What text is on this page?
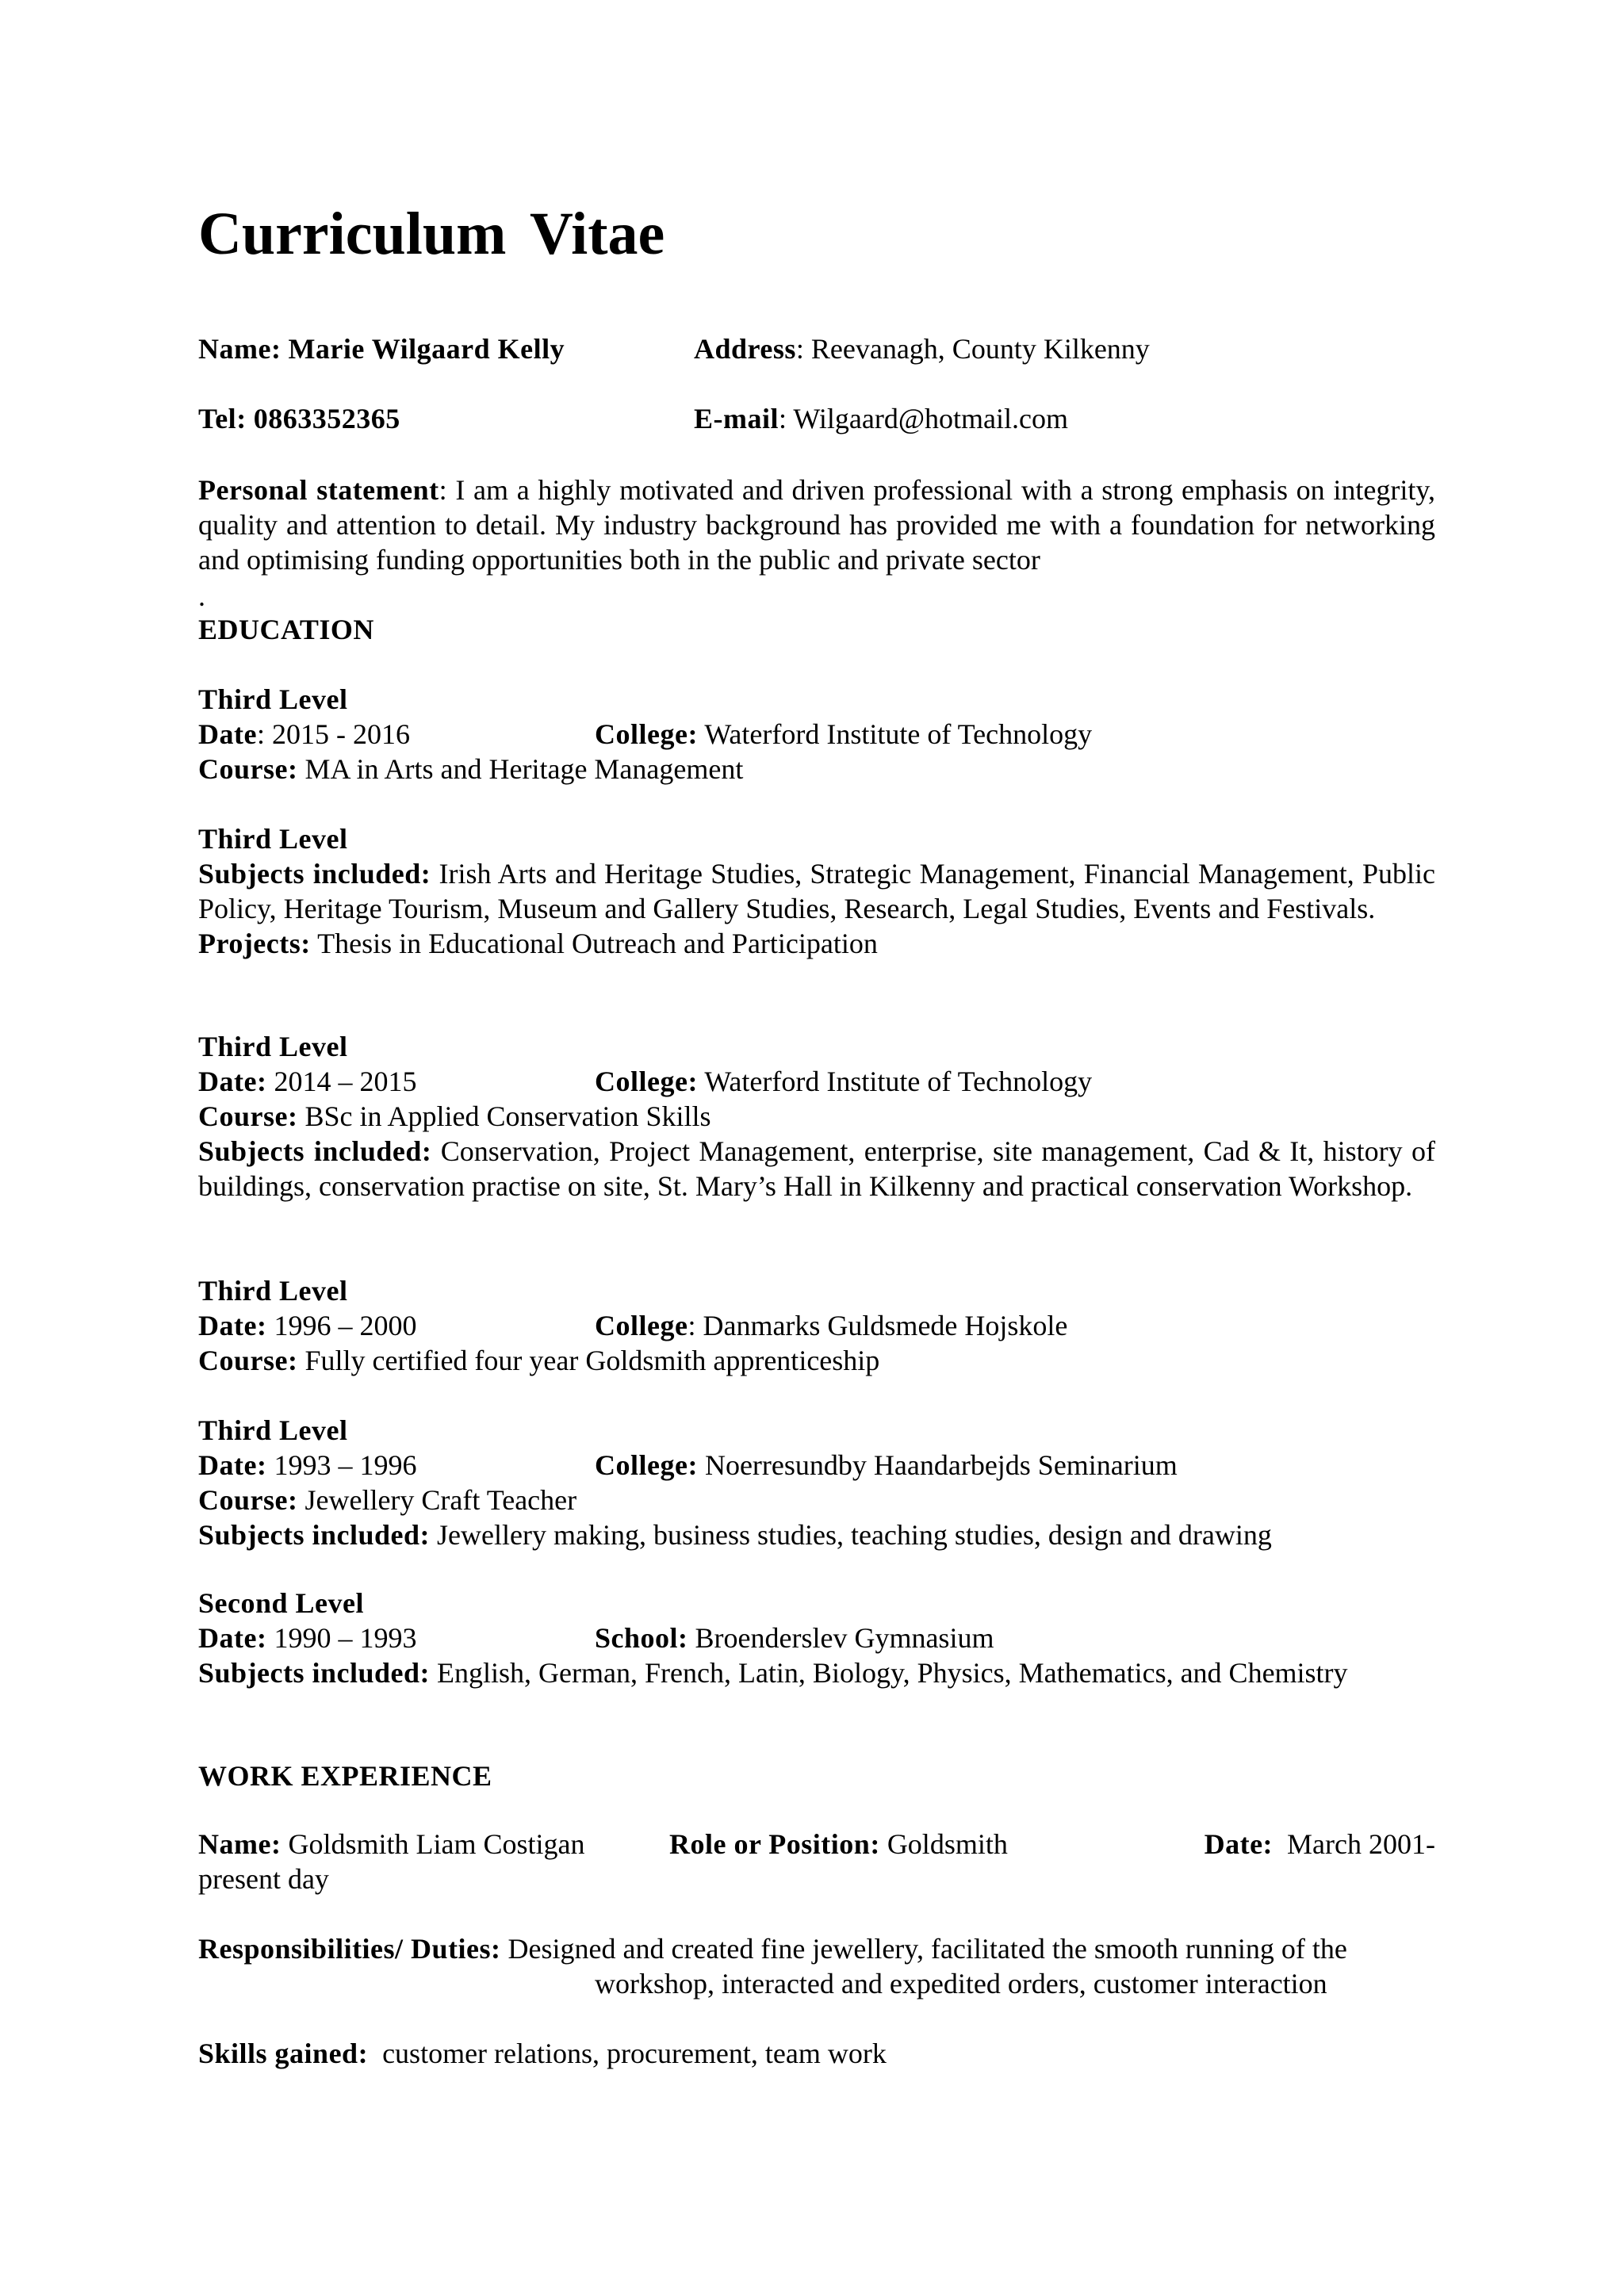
Curriculum Vitae
Name: Marie Wilgaard Kelly	Address: Reevanagh, County Kilkenny
Tel: 0863352365	E-mail: Wilgaard@hotmail.com
Personal statement: I am a highly motivated and driven professional with a strong emphasis on integrity, quality and attention to detail. My industry background has provided me with a foundation for networking and optimising funding opportunities both in the public and private sector
.
EDUCATION
Third Level
Date: 2015 - 2016	College: Waterford Institute of Technology
Course: MA in Arts and Heritage Management
Third Level
Subjects included: Irish Arts and Heritage Studies, Strategic Management, Financial Management, Public Policy, Heritage Tourism, Museum and Gallery Studies, Research, Legal Studies, Events and Festivals.
Projects: Thesis in Educational Outreach and Participation
Third Level
Date: 2014 – 2015	College: Waterford Institute of Technology
Course: BSc in Applied Conservation Skills
Subjects included: Conservation, Project Management, enterprise, site management, Cad & It, history of buildings, conservation practise on site, St. Mary’s Hall in Kilkenny and practical conservation Workshop.
Third Level
Date: 1996 – 2000	College: Danmarks Guldsmede Hojskole
Course: Fully certified four year Goldsmith apprenticeship
Third Level
Date: 1993 – 1996	College: Noerresundby Haandarbejds Seminarium
Course: Jewellery Craft Teacher
Subjects included: Jewellery making, business studies, teaching studies, design and drawing
Second Level
Date: 1990 – 1993	School: Broenderslev Gymnasium
Subjects included: English, German, French, Latin, Biology, Physics, Mathematics, and Chemistry
WORK EXPERIENCE
Name: Goldsmith Liam Costigan	Role or Position: Goldsmith	Date: March 2001-
present day
Responsibilities/ Duties: Designed and created fine jewellery, facilitated the smooth running of the
workshop, interacted and expedited orders, customer interaction
Skills gained: customer relations, procurement, team work
